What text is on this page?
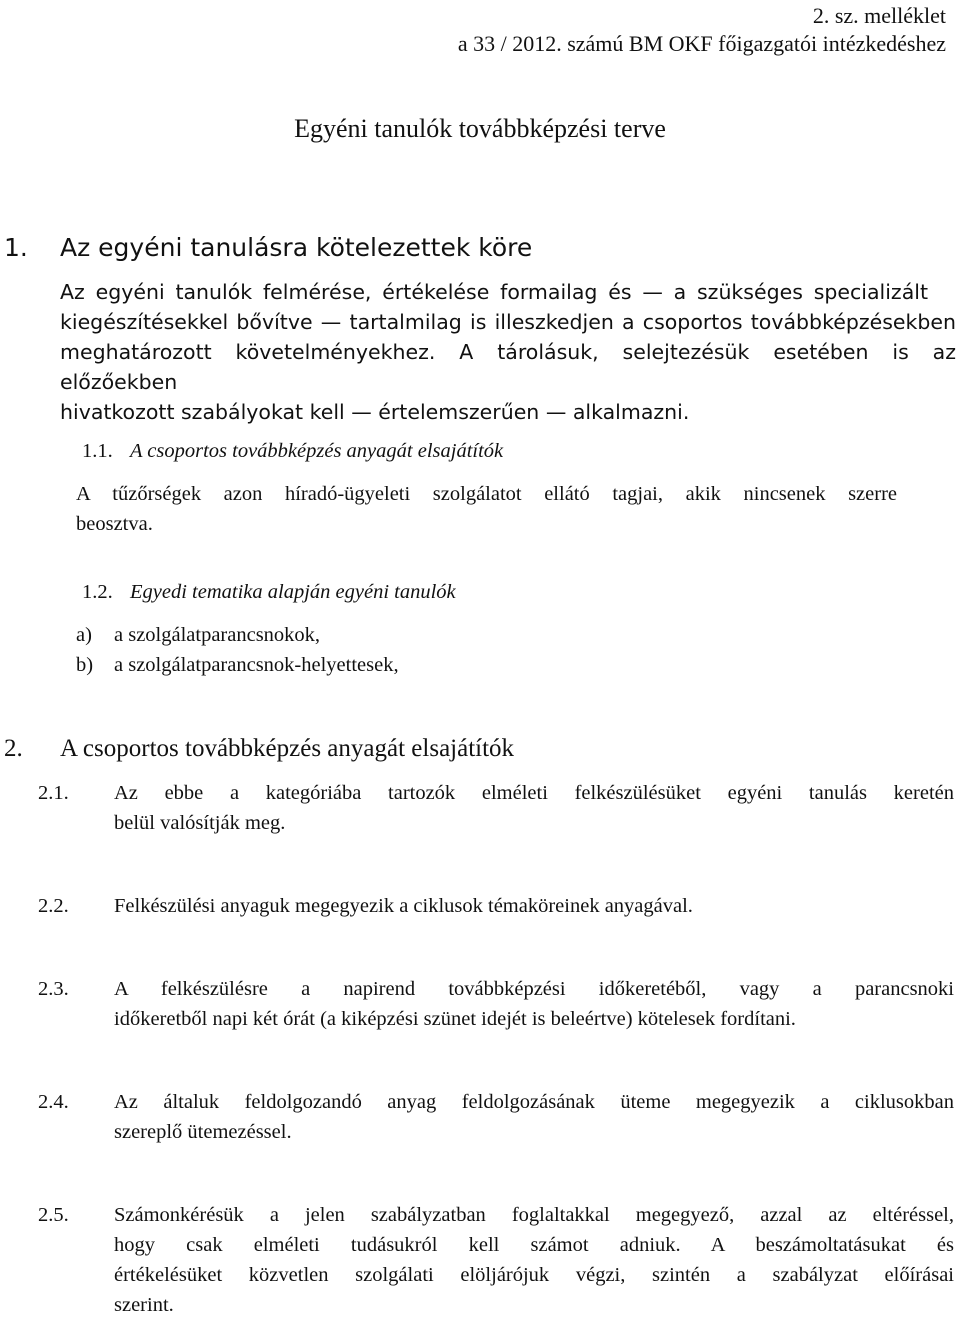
2. sz. melléklet
a 33 / 2012. számú BM OKF főigazgatói intézkedéshez
Egyéni tanulók továbbképzési terve
1. Az egyéni tanulásra kötelezettek köre
Az egyéni tanulók felmérése, értékelése formailag és — a szükséges specializált
kiegészítésekkel bővítve — tartalmilag is illeszkedjen a csoportos továbbképzésekben
meghatározott követelményekhez. A tárolásuk, selejtezésük esetében is az előzőekben
hivatkozott szabályokat kell — értelemszerűen — alkalmazni.
1.1. A csoportos továbbképzés anyagát elsajátítók
A tűzőrségek azon híradó-ügyeleti szolgálatot ellátó tagjai, akik nincsenek szerre
beosztva.
1.2. Egyedi tematika alapján egyéni tanulók
a) a szolgálatparancsnokok,
b) a szolgálatparancsnok-helyettesek,
2. A csoportos továbbképzés anyagát elsajátítók
2.1. Az ebbe a kategóriába tartozók elméleti felkészülésüket egyéni tanulás keretén
belül valósítják meg.
2.2. Felkészülési anyaguk megegyezik a ciklusok témaköreinek anyagával.
2.3. A felkészülésre a napirend továbbképzési időkeretéből, vagy a parancsnoki
időkeretből napi két órát (a kiképzési szünet idejét is beleértve) kötelesek fordítani.
2.4. Az általuk feldolgozandó anyag feldolgozásának üteme megegyezik a ciklusokban
szereplő ütemezéssel.
2.5. Számonkérésük a jelen szabályzatban foglaltakkal megegyező, azzal az eltéréssel,
hogy csak elméleti tudásukról kell számot adniuk. A beszámoltatásukat és
értékelésüket közvetlen szolgálati elöljárójuk végzi, szintén a szabályzat előírásai
szerint.
